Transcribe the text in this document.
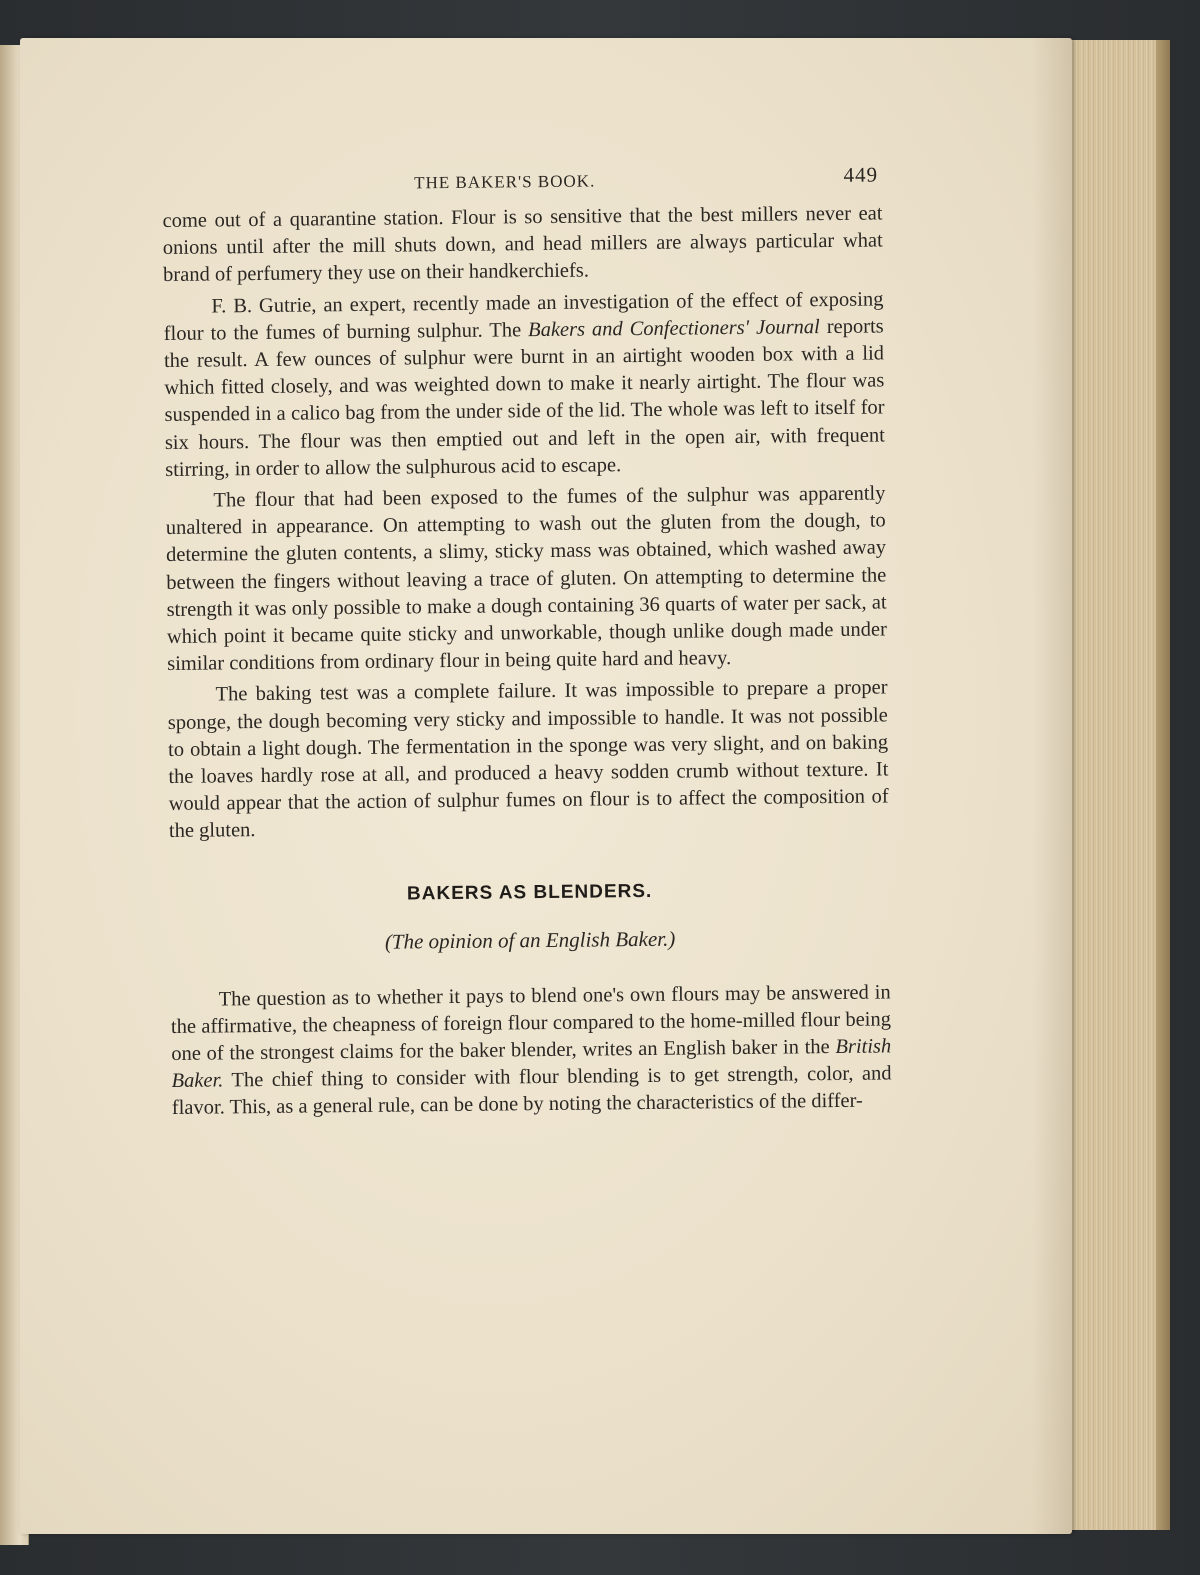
THE BAKER'S BOOK.	449

come out of a quarantine station. Flour is so sensitive that the best millers never eat onions until after the mill shuts down, and head millers are always particular what brand of perfumery they use on their handkerchiefs.

F. B. Gutrie, an expert, recently made an investigation of the effect of exposing flour to the fumes of burning sulphur. The Bakers and Confectioners' Journal reports the result. A few ounces of sulphur were burnt in an airtight wooden box with a lid which fitted closely, and was weighted down to make it nearly airtight. The flour was suspended in a calico bag from the under side of the lid. The whole was left to itself for six hours. The flour was then emptied out and left in the open air, with frequent stirring, in order to allow the sulphurous acid to escape.

The flour that had been exposed to the fumes of the sulphur was apparently unaltered in appearance. On attempting to wash out the gluten from the dough, to determine the gluten contents, a slimy, sticky mass was obtained, which washed away between the fingers without leaving a trace of gluten. On attempting to determine the strength it was only possible to make a dough containing 36 quarts of water per sack, at which point it became quite sticky and unworkable, though unlike dough made under similar conditions from ordinary flour in being quite hard and heavy.

The baking test was a complete failure. It was impossible to prepare a proper sponge, the dough becoming very sticky and impossible to handle. It was not possible to obtain a light dough. The fermentation in the sponge was very slight, and on baking the loaves hardly rose at all, and produced a heavy sodden crumb without texture. It would appear that the action of sulphur fumes on flour is to affect the composition of the gluten.

BAKERS AS BLENDERS.
(The opinion of an English Baker.)

The question as to whether it pays to blend one's own flours may be answered in the affirmative, the cheapness of foreign flour compared to the home-milled flour being one of the strongest claims for the baker blender, writes an English baker in the British Baker. The chief thing to consider with flour blending is to get strength, color, and flavor. This, as a general rule, can be done by noting the characteristics of the differ-
